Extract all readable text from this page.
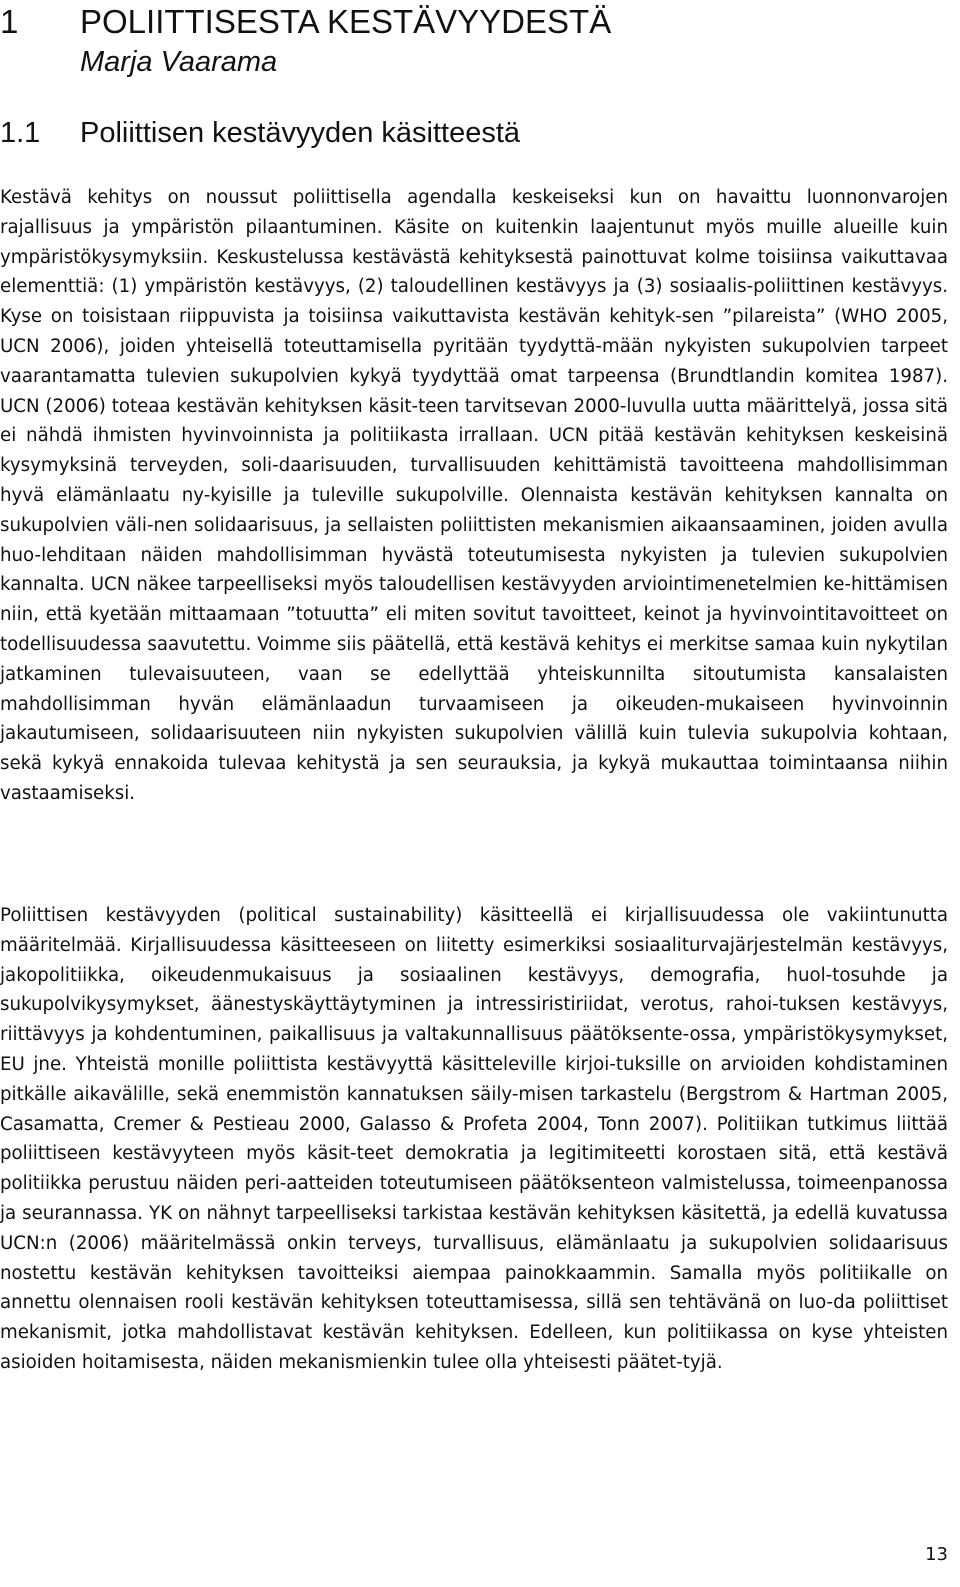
1 POLIITTISESTA KESTÄVYYDESTÄ
Marja Vaarama
1.1 Poliittisen kestävyyden käsitteestä

Kestävä kehitys on noussut poliittisella agendalla keskeiseksi kun on havaittu luonnonvarojen rajallisuus ja ympäristön pilaantuminen. Käsite on kuitenkin laajentunut myös muille alueille kuin ympäristökysymyksiin. Keskustelussa kestävästä kehityksestä painottuvat kolme toisiinsa vaikuttavaa elementtiä: (1) ympäristön kestävyys, (2) taloudellinen kestävyys ja (3) sosiaalis-poliittinen kestävyys. Kyse on toisistaan riippuvista ja toisiinsa vaikuttavista kestävän kehityk-sen ”pilareista” (WHO 2005, UCN 2006), joiden yhteisellä toteuttamisella pyritään tyydyttä-mään nykyisten sukupolvien tarpeet vaarantamatta tulevien sukupolvien kykyä tyydyttää omat tarpeensa (Brundtlandin komitea 1987). UCN (2006) toteaa kestävän kehityksen käsit-teen tarvitsevan 2000-luvulla uutta määrittelyä, jossa sitä ei nähdä ihmisten hyvinvoinnista ja politiikasta irrallaan. UCN pitää kestävän kehityksen keskeisinä kysymyksinä terveyden, soli-daarisuuden, turvallisuuden kehittämistä tavoitteena mahdollisimman hyvä elämänlaatu ny-kyisille ja tuleville sukupolville. Olennaista kestävän kehityksen kannalta on sukupolvien väli-nen solidaarisuus, ja sellaisten poliittisten mekanismien aikaansaaminen, joiden avulla huo-lehditaan näiden mahdollisimman hyvästä toteutumisesta nykyisten ja tulevien sukupolvien kannalta. UCN näkee tarpeelliseksi myös taloudellisen kestävyyden arviointimenetelmien ke-hittämisen niin, että kyetään mittaamaan ”totuutta” eli miten sovitut tavoitteet, keinot ja hyvinvointitavoitteet on todellisuudessa saavutettu. Voimme siis päätellä, että kestävä kehitys ei merkitse samaa kuin nykytilan jatkaminen tulevaisuuteen, vaan se edellyttää yhteiskunnilta sitoutumista kansalaisten mahdollisimman hyvän elämänlaadun turvaamiseen ja oikeuden-mukaiseen hyvinvoinnin jakautumiseen, solidaarisuuteen niin nykyisten sukupolvien välillä kuin tulevia sukupolvia kohtaan, sekä kykyä ennakoida tulevaa kehitystä ja sen seurauksia, ja kykyä mukauttaa toimintaansa niihin vastaamiseksi.

Poliittisen kestävyyden (political sustainability) käsitteellä ei kirjallisuudessa ole vakiintunutta määritelmää. Kirjallisuudessa käsitteeseen on liitetty esimerkiksi sosiaaliturvajärjestelmän kestävyys, jakopolitiikka, oikeudenmukaisuus ja sosiaalinen kestävyys, demografia, huol-tosuhde ja sukupolvikysymykset, äänestyskäyttäytyminen ja intressiristiriidat, verotus, rahoi-tuksen kestävyys, riittävyys ja kohdentuminen, paikallisuus ja valtakunnallisuus päätöksente-ossa, ympäristökysymykset, EU jne. Yhteistä monille poliittista kestävyyttä käsitteleville kirjoi-tuksille on arvioiden kohdistaminen pitkälle aikavälille, sekä enemmistön kannatuksen säily-misen tarkastelu (Bergstrom & Hartman 2005, Casamatta, Cremer & Pestieau 2000, Galasso & Profeta 2004, Tonn 2007). Politiikan tutkimus liittää poliittiseen kestävyyteen myös käsit-teet demokratia ja legitimiteetti korostaen sitä, että kestävä politiikka perustuu näiden peri-aatteiden toteutumiseen päätöksenteon valmistelussa, toimeenpanossa ja seurannassa. YK on nähnyt tarpeelliseksi tarkistaa kestävän kehityksen käsitettä, ja edellä kuvatussa UCN:n (2006) määritelmässä onkin terveys, turvallisuus, elämänlaatu ja sukupolvien solidaarisuus nostettu kestävän kehityksen tavoitteiksi aiempaa painokkaammin. Samalla myös politiikalle on annettu olennaisen rooli kestävän kehityksen toteuttamisessa, sillä sen tehtävänä on luo-da poliittiset mekanismit, jotka mahdollistavat kestävän kehityksen. Edelleen, kun politiikassa on kyse yhteisten asioiden hoitamisesta, näiden mekanismienkin tulee olla yhteisesti päätet-tyjä.

13
